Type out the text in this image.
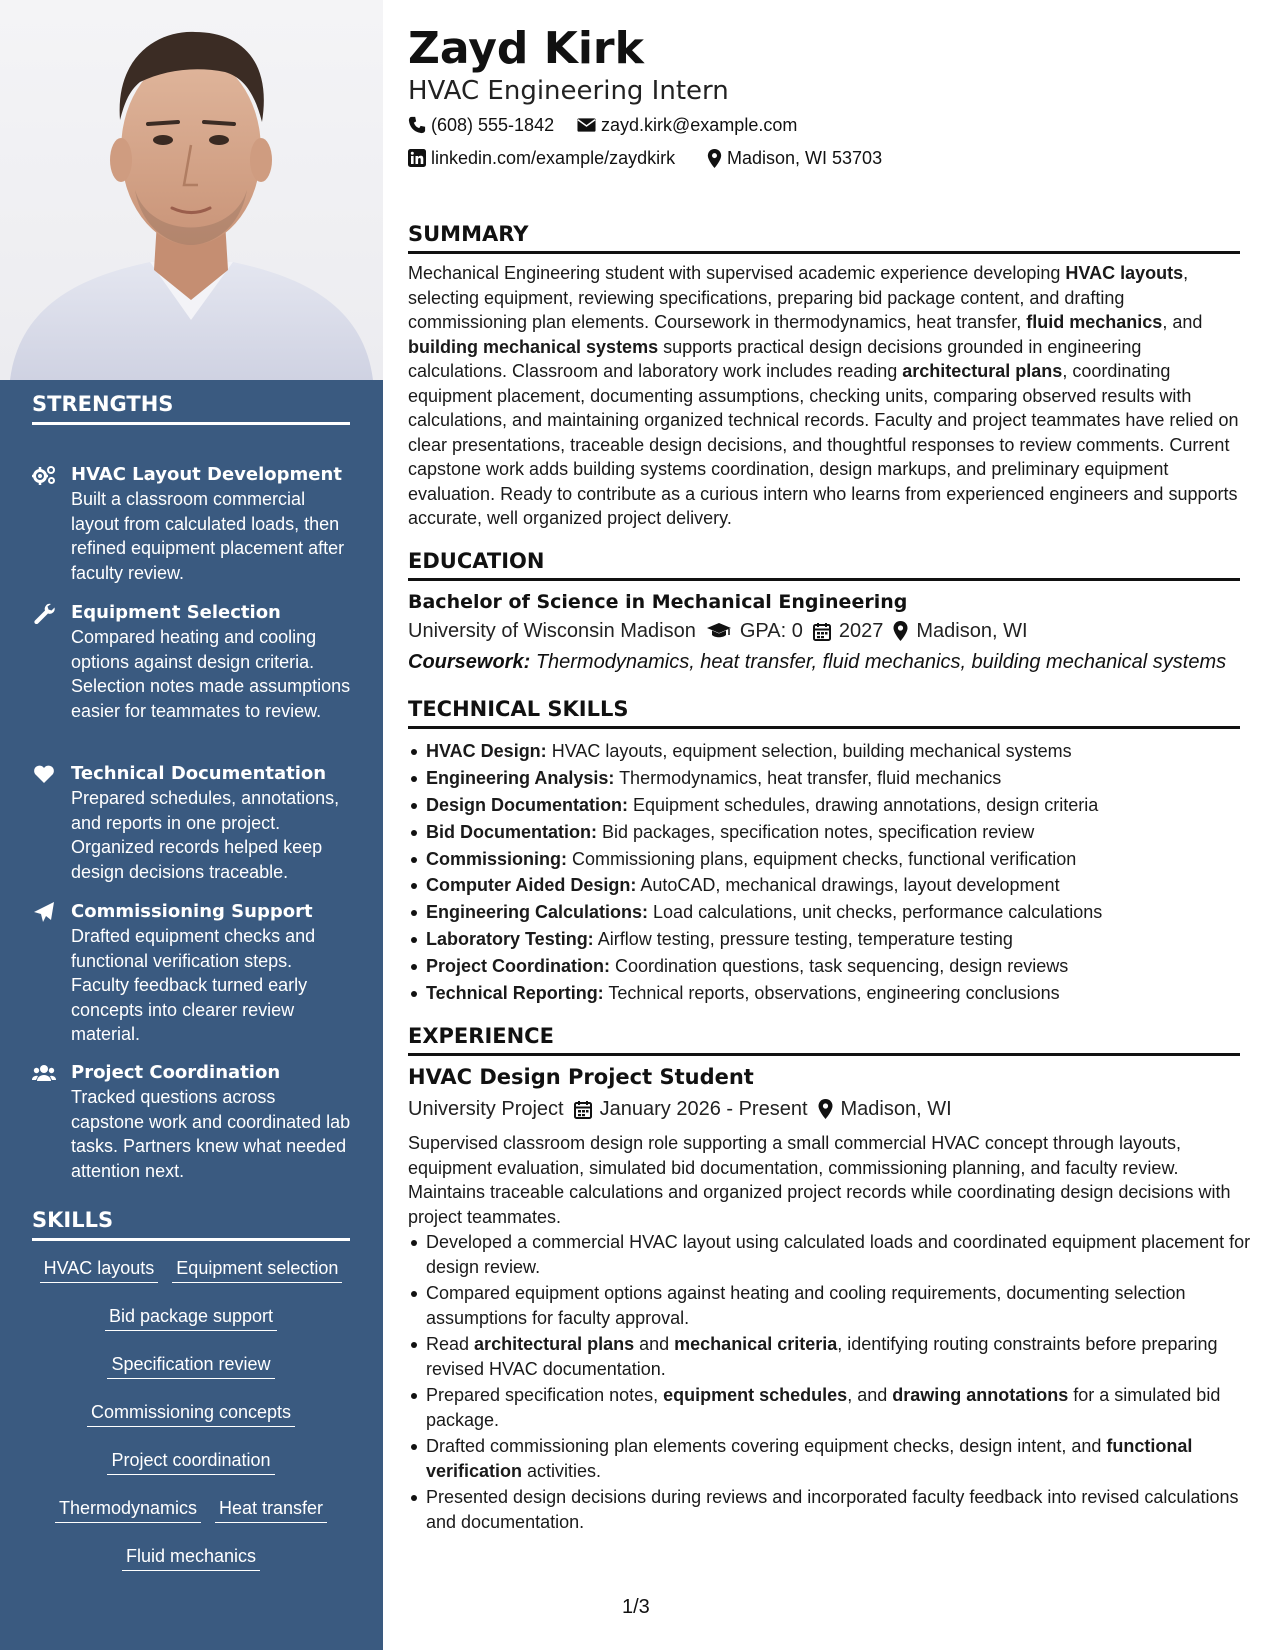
STRENGTHS
HVAC Layout Development
Built a classroom commercial layout from calculated loads, then refined equipment placement after faculty review.
Equipment Selection
Compared heating and cooling options against design criteria. Selection notes made assumptions easier for teammates to review.
Technical Documentation
Prepared schedules, annotations, and reports in one project. Organized records helped keep design decisions traceable.
Commissioning Support
Drafted equipment checks and functional verification steps. Faculty feedback turned early concepts into clearer review material.
Project Coordination
Tracked questions across capstone work and coordinated lab tasks. Partners knew what needed attention next.
SKILLS
HVAC layouts Equipment selection
Bid package support
Specification review
Commissioning concepts
Project coordination
Thermodynamics Heat transfer
Fluid mechanics
Zayd Kirk
HVAC Engineering Intern
(608) 555-1842	zayd.kirk@example.com
linkedin.com/example/zaydkirk	Madison, WI 53703
SUMMARY
Mechanical Engineering student with supervised academic experience developing HVAC layouts, selecting equipment, reviewing specifications, preparing bid package content, and drafting commissioning plan elements. Coursework in thermodynamics, heat transfer, fluid mechanics, and building mechanical systems supports practical design decisions grounded in engineering calculations. Classroom and laboratory work includes reading architectural plans, coordinating equipment placement, documenting assumptions, checking units, comparing observed results with calculations, and maintaining organized technical records. Faculty and project teammates have relied on clear presentations, traceable design decisions, and thoughtful responses to review comments. Current capstone work adds building systems coordination, design markups, and preliminary equipment evaluation. Ready to contribute as a curious intern who learns from experienced engineers and supports accurate, well organized project delivery.
EDUCATION
Bachelor of Science in Mechanical Engineering
University of Wisconsin Madison GPA: 0 2027 Madison, WI
Coursework: Thermodynamics, heat transfer, fluid mechanics, building mechanical systems
TECHNICAL SKILLS
HVAC Design: HVAC layouts, equipment selection, building mechanical systems
Engineering Analysis: Thermodynamics, heat transfer, fluid mechanics
Design Documentation: Equipment schedules, drawing annotations, design criteria
Bid Documentation: Bid packages, specification notes, specification review
Commissioning: Commissioning plans, equipment checks, functional verification
Computer Aided Design: AutoCAD, mechanical drawings, layout development
Engineering Calculations: Load calculations, unit checks, performance calculations
Laboratory Testing: Airflow testing, pressure testing, temperature testing
Project Coordination: Coordination questions, task sequencing, design reviews
Technical Reporting: Technical reports, observations, engineering conclusions
EXPERIENCE
HVAC Design Project Student
University Project January 2026 - Present Madison, WI
Supervised classroom design role supporting a small commercial HVAC concept through layouts, equipment evaluation, simulated bid documentation, commissioning planning, and faculty review. Maintains traceable calculations and organized project records while coordinating design decisions with project teammates.
Developed a commercial HVAC layout using calculated loads and coordinated equipment placement for design review.
Compared equipment options against heating and cooling requirements, documenting selection assumptions for faculty approval.
Read architectural plans and mechanical criteria, identifying routing constraints before preparing revised HVAC documentation.
Prepared specification notes, equipment schedules, and drawing annotations for a simulated bid package.
Drafted commissioning plan elements covering equipment checks, design intent, and functional verification activities.
Presented design decisions during reviews and incorporated faculty feedback into revised calculations and documentation.
1/3
